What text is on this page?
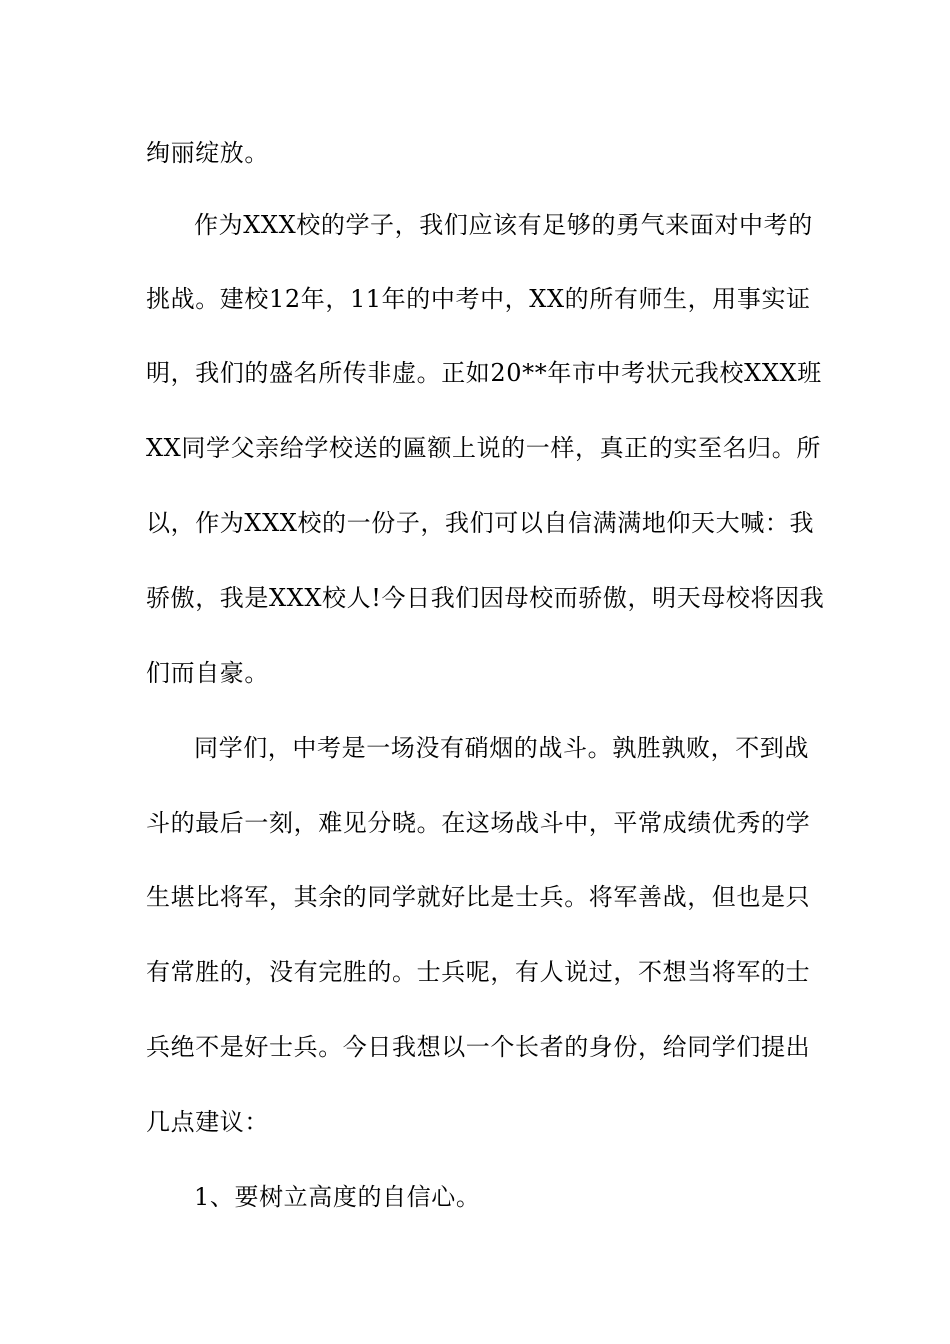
绚丽绽放。
作为XXX校的学子，我们应该有足够的勇气来面对中考的
挑战。建校12年，11年的中考中，XX的所有师生，用事实证
明，我们的盛名所传非虚。正如20**年市中考状元我校XXX班
XX同学父亲给学校送的匾额上说的一样，真正的实至名归。所
以，作为XXX校的一份子，我们可以自信满满地仰天大喊：我
骄傲，我是XXX校人!今日我们因母校而骄傲，明天母校将因我
们而自豪。
同学们，中考是一场没有硝烟的战斗。孰胜孰败，不到战
斗的最后一刻，难见分晓。在这场战斗中，平常成绩优秀的学
生堪比将军，其余的同学就好比是士兵。将军善战，但也是只
有常胜的，没有完胜的。士兵呢，有人说过，不想当将军的士
兵绝不是好士兵。今日我想以一个长者的身份，给同学们提出
几点建议：
1、要树立高度的自信心。
